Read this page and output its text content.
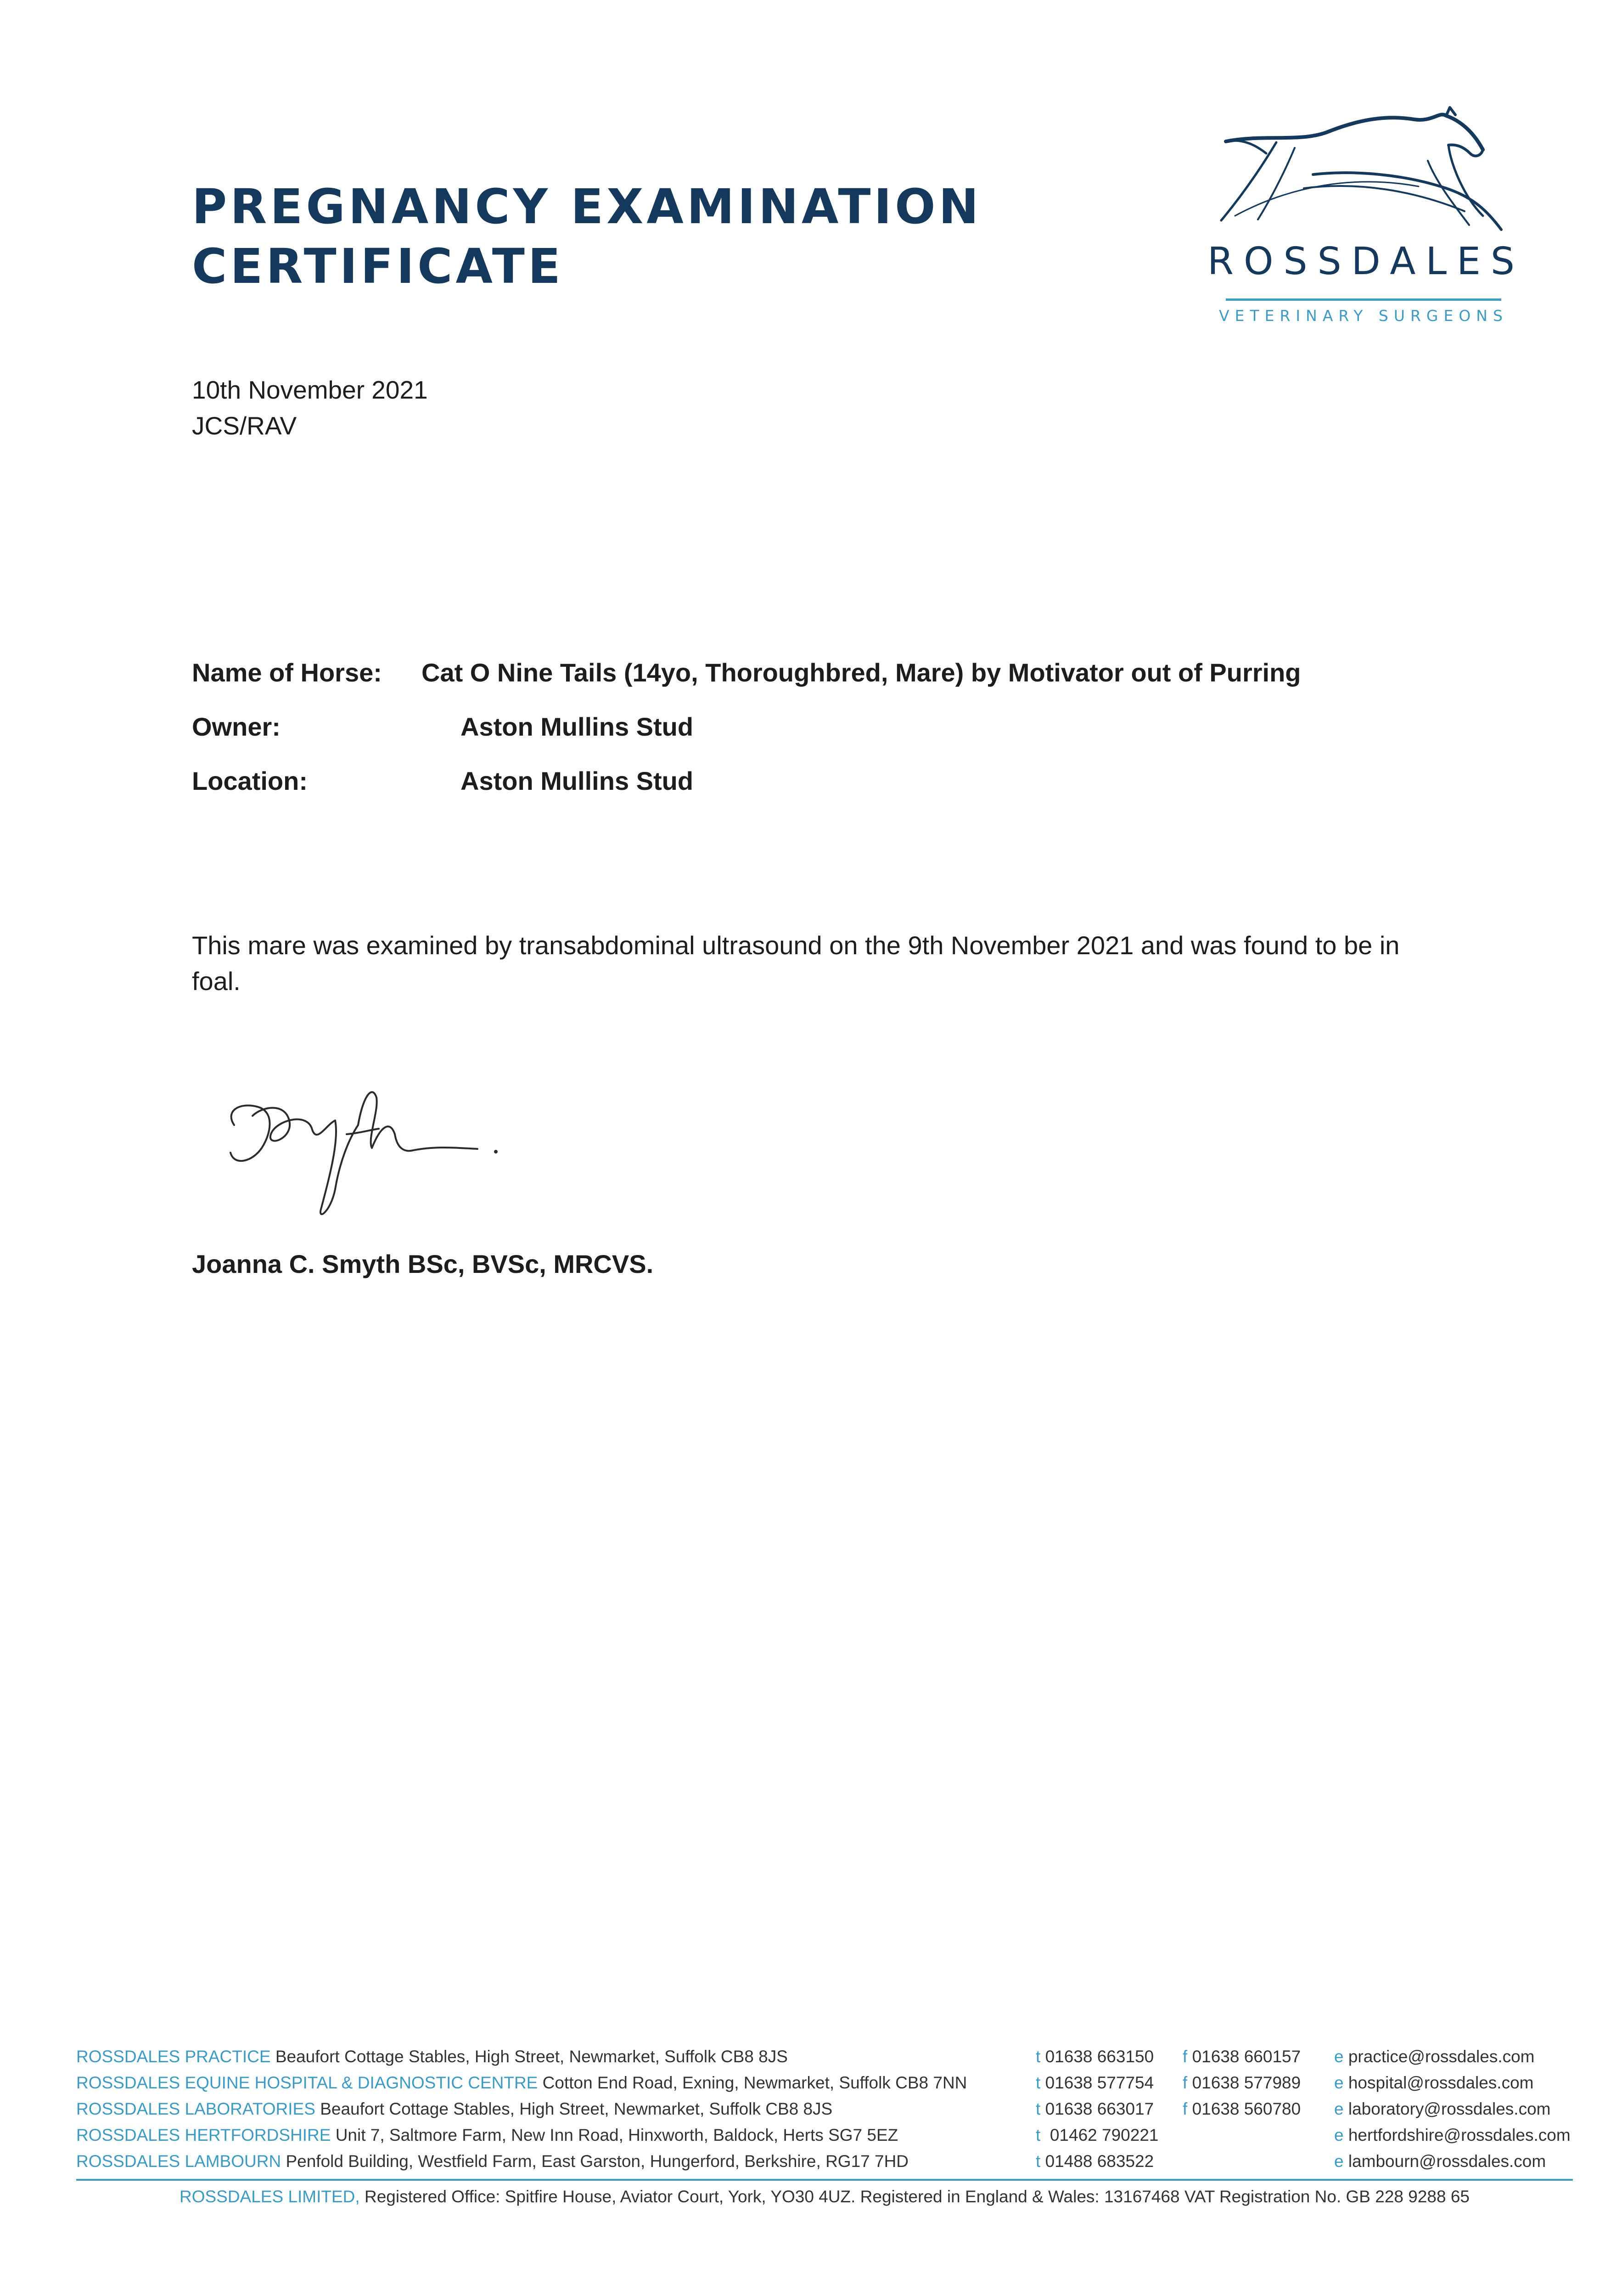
PREGNANCY EXAMINATION
CERTIFICATE	ROSSDALES
VETERINARY SURGEONS
10th November 2021
JCS/RAV
Name of Horse: Cat O Nine Tails (14yo, Thoroughbred, Mare) by Motivator out of Purring
Owner:	Aston Mullins Stud
Location:	Aston Mullins Stud

This mare was examined by transabdominal ultrasound on the 9th November 2021 and was found to be in foal.

Joanna C. Smyth BSc, BVSc, MRCVS.
ROSSDALES PRACTICE Beaufort Cottage Stables, High Street, Newmarket, Suffolk CB8 8JS	t 01638 663150 f 01638 660157 e practice@rossdales.com
ROSSDALES EQUINE HOSPITAL & DIAGNOSTIC CENTRE Cotton End Road, Exning, Newmarket, Suffolk CB8 7NN	t 01638 577754 f 01638 577989 e hospital@rossdales.com
ROSSDALES LABORATORIES Beaufort Cottage Stables, High Street, Newmarket, Suffolk CB8 8JS	t 01638 663017 f 01638 560780 e laboratory@rossdales.com
ROSSDALES HERTFORDSHIRE Unit 7, Saltmore Farm, New Inn Road, Hinxworth, Baldock, Herts SG7 5EZ	t 01462 790221	e hertfordshire@rossdales.com
ROSSDALES LAMBOURN Penfold Building, Westfield Farm, East Garston, Hungerford, Berkshire, RG17 7HD	t 01488 683522	e lambourn@rossdales.com
ROSSDALES LIMITED, Registered Office: Spitfire House, Aviator Court, York, YO30 4UZ. Registered in England & Wales: 13167468 VAT Registration No. GB 228 9288 65
